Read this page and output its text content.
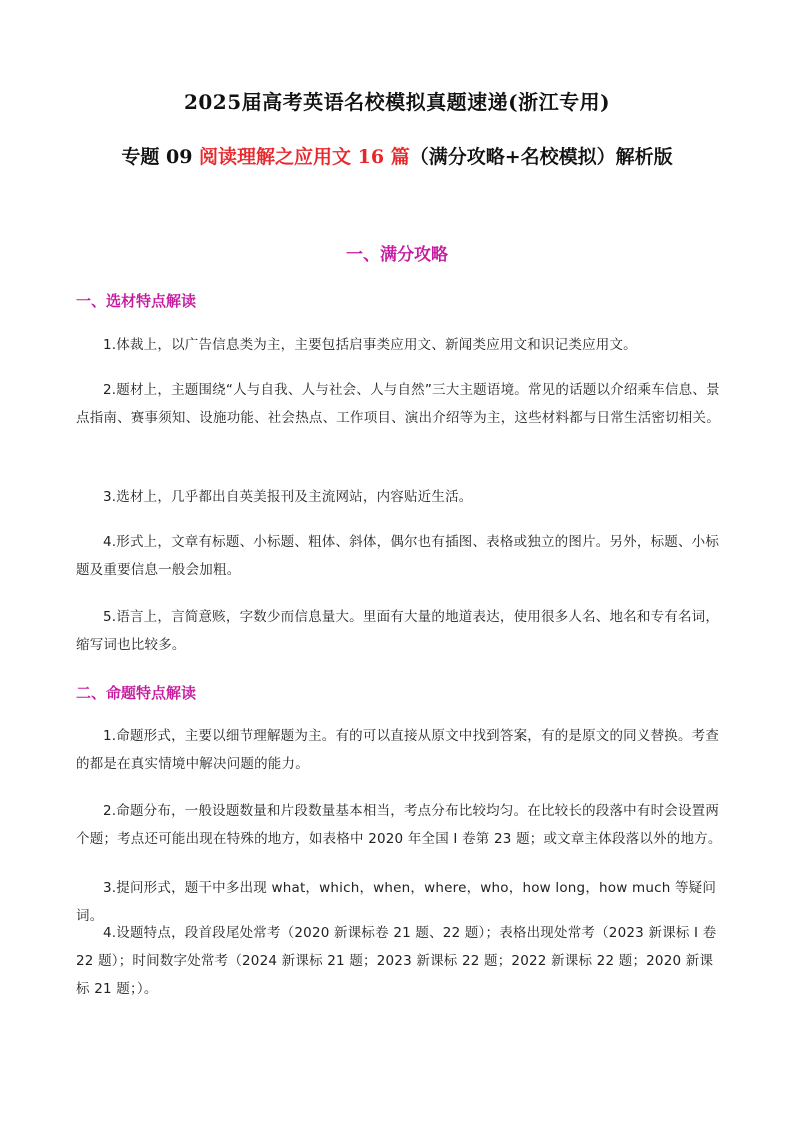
2025届高考英语名校模拟真题速递(浙江专用)
专题 09 阅读理解之应用文 16 篇（满分攻略+名校模拟）解析版
一、满分攻略
一、选材特点解读
1.体裁上，以广告信息类为主，主要包括启事类应用文、新闻类应用文和识记类应用文。
2.题材上，主题围绕“人与自我、人与社会、人与自然”三大主题语境。常见的话题以介绍乘车信息、景点指南、赛事须知、设施功能、社会热点、工作项目、演出介绍等为主，这些材料都与日常生活密切相关。
3.选材上，几乎都出自英美报刊及主流网站，内容贴近生活。
4.形式上，文章有标题、小标题、粗体、斜体，偶尔也有插图、表格或独立的图片。另外，标题、小标题及重要信息一般会加粗。
5.语言上，言简意赅，字数少而信息量大。里面有大量的地道表达，使用很多人名、地名和专有名词，缩写词也比较多。
二、命题特点解读
1.命题形式，主要以细节理解题为主。有的可以直接从原文中找到答案，有的是原文的同义替换。考查的都是在真实情境中解决问题的能力。
2.命题分布，一般设题数量和片段数量基本相当，考点分布比较均匀。在比较长的段落中有时会设置两个题；考点还可能出现在特殊的地方，如表格中 2020 年全国 I 卷第 23 题；或文章主体段落以外的地方。
3.提问形式，题干中多出现 what，which，when，where，who，how long，how much 等疑问词。
4.设题特点，段首段尾处常考（2020 新课标卷 21 题、22 题）；表格出现处常考（2023 新课标 I 卷 22 题）；时间数字处常考（2024 新课标 21 题；2023 新课标 22 题；2022 新课标 22 题；2020 新课标 21 题；）。
